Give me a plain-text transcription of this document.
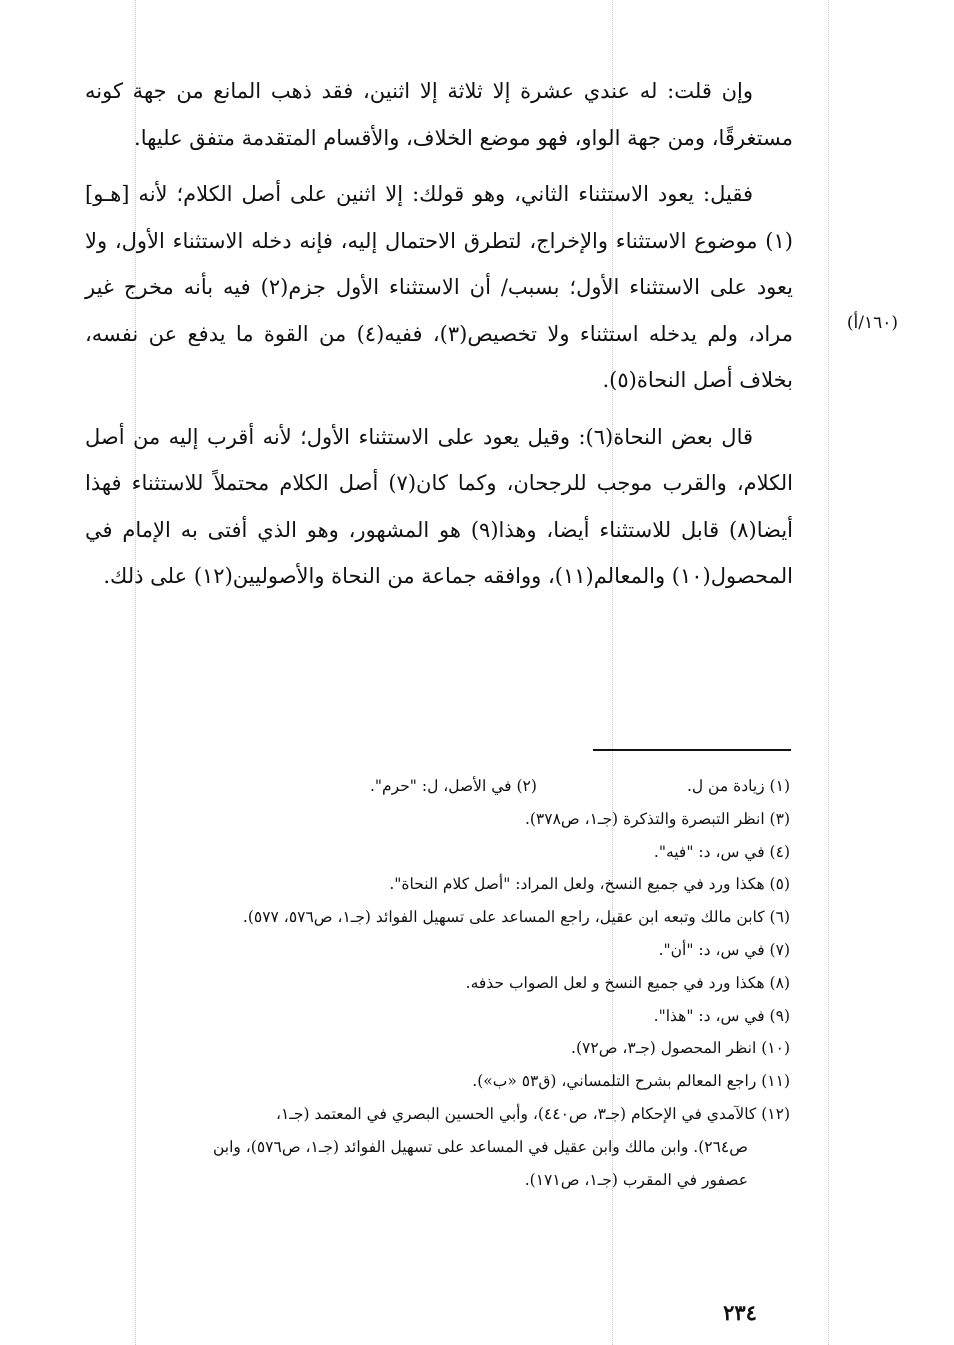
وإن قلت: له عندي عشرة إلا ثلاثة إلا اثنين، فقد ذهب المانع من جهة كونه مستغرقًا، ومن جهة الواو، فهو موضع الخلاف، والأقسام المتقدمة متفق عليها.

فقيل: يعود الاستثناء الثاني، وهو قولك: إلا اثنين على أصل الكلام؛ لأنه [هـو](١) موضوع الاستثناء والإخراج، لتطرق الاحتمال إليه، فإنه دخله الاستثناء الأول، ولا يعود على الاستثناء الأول؛ بسبب/ أن الاستثناء الأول جزم(٢) فيه بأنه مخرج غير مراد، ولم يدخله استثناء ولا تخصيص(٣)، ففيه(٤) من القوة ما يدفع عن نفسه، بخلاف أصل النحاة(٥).

قال بعض النحاة(٦): وقيل يعود على الاستثناء الأول؛ لأنه أقرب إليه من أصل الكلام، والقرب موجب للرجحان، وكما كان(٧) أصل الكلام محتملاً للاستثناء فهذا أيضا(٨) قابل للاستثناء أيضا، وهذا(٩) هو المشهور، وهو الذي أفتى به الإمام في المحصول(١٠) والمعالم(١١)، ووافقه جماعة من النحاة والأصوليين(١٢) على ذلك.

(١٦٠/أ)

(١) زيادة من ل.

(٢) في الأصل، ل: "حرم".

(٣) انظر التبصرة والتذكرة (جـ١، ص٣٧٨).

(٤) في س، د: "فيه".

(٥) هكذا ورد في جميع النسخ، ولعل المراد: "أصل كلام النحاة".

(٦) كابن مالك وتبعه ابن عقيل، راجع المساعد على تسهيل الفوائد (جـ١، ص٥٧٦، ٥٧٧).

(٧) في س، د: "أن".

(٨) هكذا ورد في جميع النسخ و لعل الصواب حذفه.

(٩) في س، د: "هذا".

(١٠) انظر المحصول (جـ٣، ص٧٢).

(١١) راجع المعالم بشرح التلمساني، (ق٥٣ «ب»).

(١٢) كالآمدي في الإحكام (جـ٣، ص٤٤٠)، وأبي الحسين البصري في المعتمد (جـ١،

ص٢٦٤). وابن مالك وابن عقيل في المساعد على تسهيل الفوائد (جـ١، ص٥٧٦)، وابن

عصفور في المقرب (جـ١، ص١٧١).

٢٣٤
